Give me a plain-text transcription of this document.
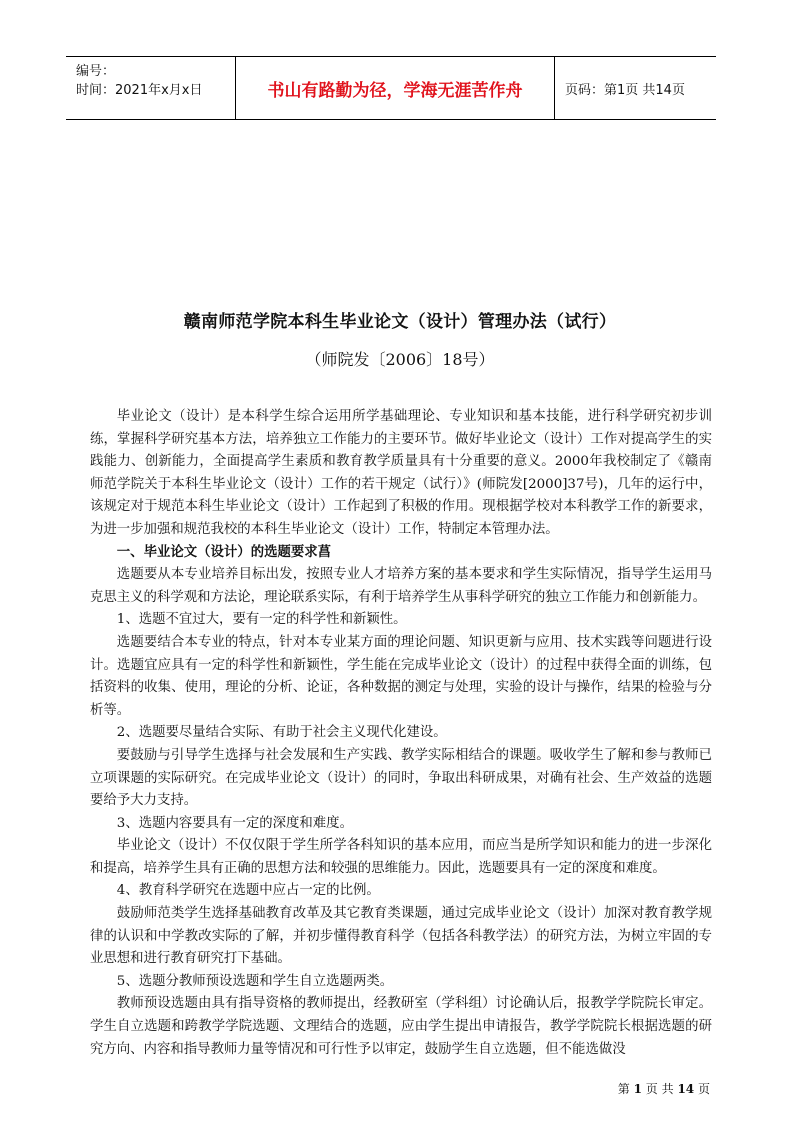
编号：
时间：2021年x月x日	书山有路勤为径，学海无涯苦作舟	页码：第1页 共14页
赣南师范学院本科生毕业论文（设计）管理办法（试行）
（师院发〔2006〕18号）

毕业论文（设计）是本科学生综合运用所学基础理论、专业知识和基本技能，进行科学研究初步训练，掌握科学研究基本方法，培养独立工作能力的主要环节。做好毕业论文（设计）工作对提高学生的实践能力、创新能力，全面提高学生素质和教育教学质量具有十分重要的意义。2000年我校制定了《赣南师范学院关于本科生毕业论文（设计）工作的若干规定（试行）》(师院发[2000]37号)，几年的运行中，该规定对于规范本科生毕业论文（设计）工作起到了积极的作用。现根据学校对本科教学工作的新要求，为进一步加强和规范我校的本科生毕业论文（设计）工作，特制定本管理办法。

一、毕业论文（设计）的选题要求菖

选题要从本专业培养目标出发，按照专业人才培养方案的基本要求和学生实际情况，指导学生运用马克思主义的科学观和方法论，理论联系实际，有利于培养学生从事科学研究的独立工作能力和创新能力。

1、选题不宜过大，要有一定的科学性和新颖性。

选题要结合本专业的特点，针对本专业某方面的理论问题、知识更新与应用、技术实践等问题进行设计。选题宜应具有一定的科学性和新颖性，学生能在完成毕业论文（设计）的过程中获得全面的训练，包括资料的收集、使用，理论的分析、论证，各种数据的测定与处理，实验的设计与操作，结果的检验与分析等。

2、选题要尽量结合实际、有助于社会主义现代化建设。

要鼓励与引导学生选择与社会发展和生产实践、教学实际相结合的课题。吸收学生了解和参与教师已立项课题的实际研究。在完成毕业论文（设计）的同时，争取出科研成果，对确有社会、生产效益的选题要给予大力支持。

3、选题内容要具有一定的深度和难度。

毕业论文（设计）不仅仅限于学生所学各科知识的基本应用，而应当是所学知识和能力的进一步深化和提高，培养学生具有正确的思想方法和较强的思维能力。因此，选题要具有一定的深度和难度。

4、教育科学研究在选题中应占一定的比例。

鼓励师范类学生选择基础教育改革及其它教育类课题，通过完成毕业论文（设计）加深对教育教学规律的认识和中学教改实际的了解，并初步懂得教育科学（包括各科教学法）的研究方法，为树立牢固的专业思想和进行教育研究打下基础。

5、选题分教师预设选题和学生自立选题两类。

教师预设选题由具有指导资格的教师提出，经教研室（学科组）讨论确认后，报教学学院院长审定。学生自立选题和跨教学学院选题、文理结合的选题，应由学生提出申请报告，教学学院院长根据选题的研究方向、内容和指导教师力量等情况和可行性予以审定，鼓励学生自立选题，但不能选做没

第 1 页 共 14 页
